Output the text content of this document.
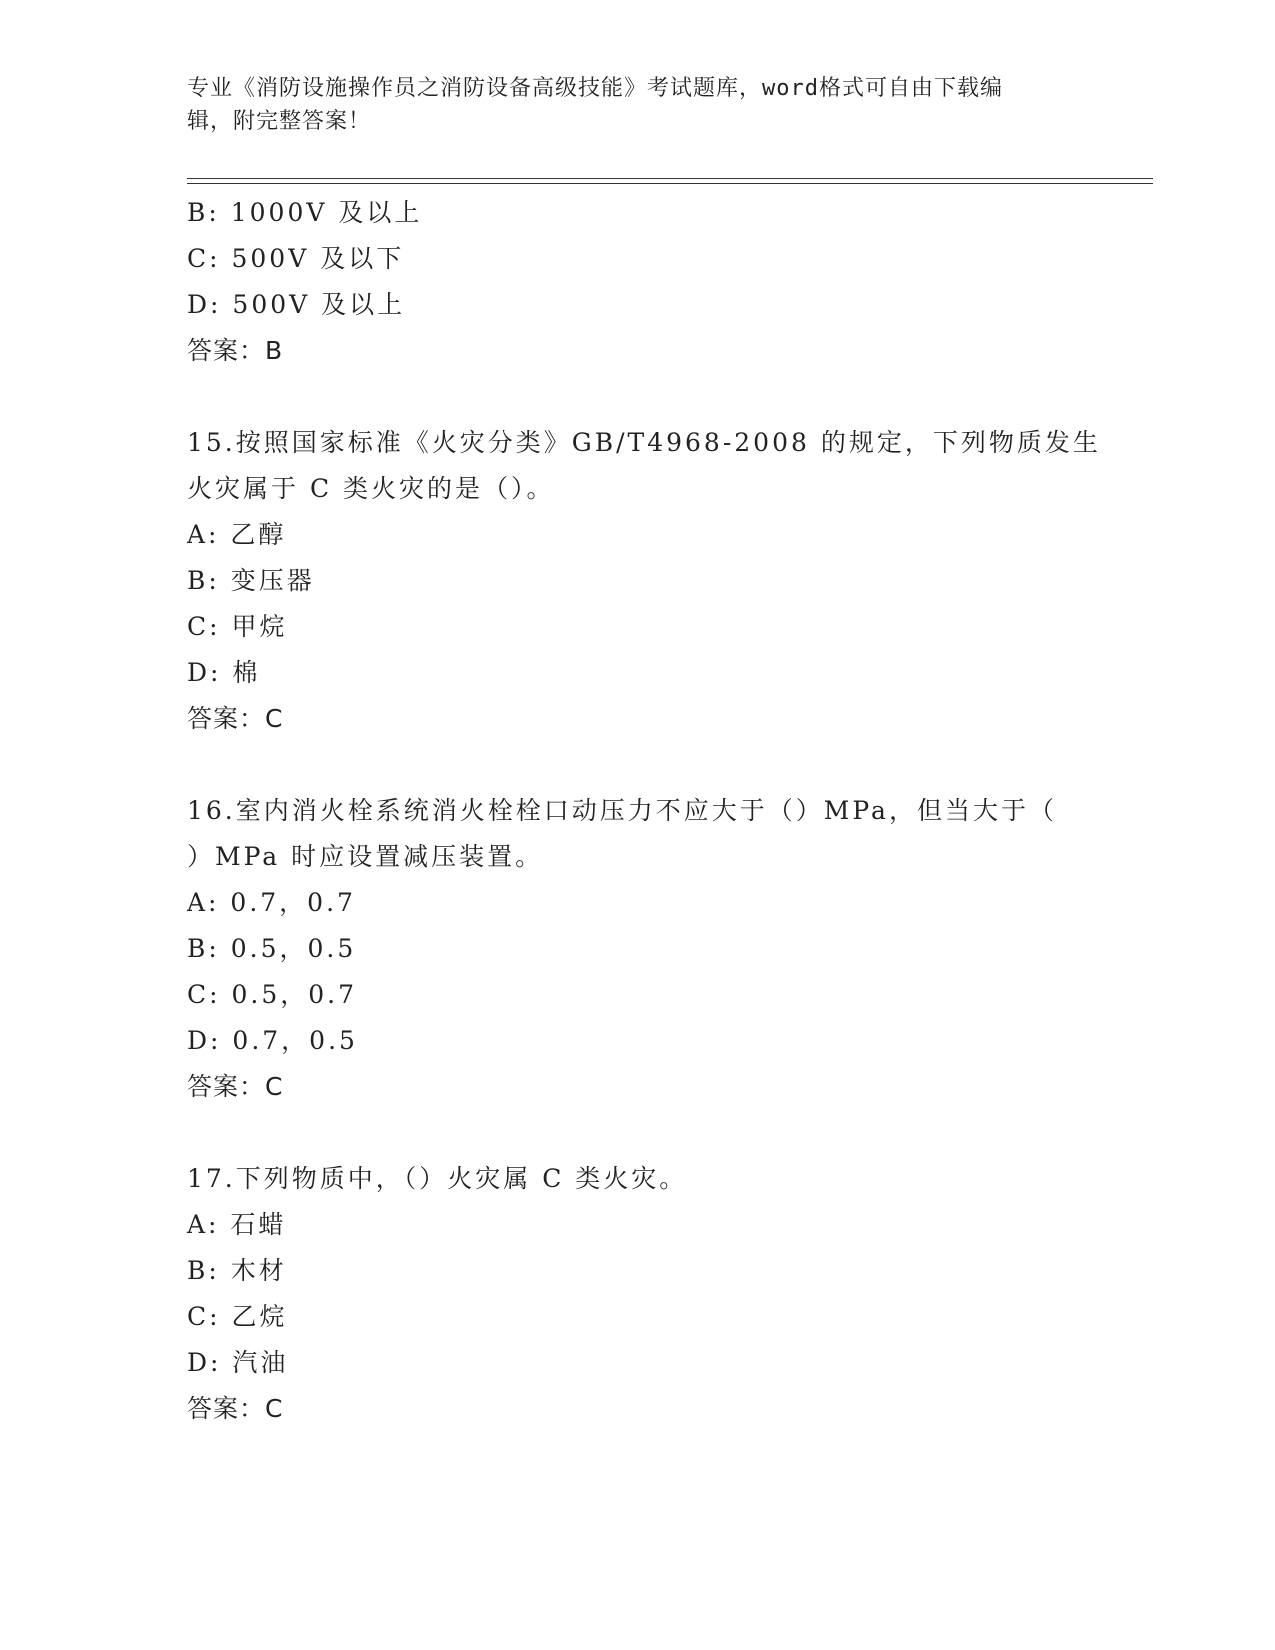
专业《消防设施操作员之消防设备高级技能》考试题库，word格式可自由下载编
辑，附完整答案！

B: 1000V 及以上

C: 500V 及以下

D: 500V 及以上

答案：B

15.按照国家标准《火灾分类》GB/T4968-2008 的规定，下列物质发生

火灾属于 C 类火灾的是（）。

A: 乙醇

B: 变压器

C: 甲烷

D: 棉

答案：C

16.室内消火栓系统消火栓栓口动压力不应大于（）MPa，但当大于（

）MPa 时应设置减压装置。

A: 0.7，0.7

B: 0.5，0.5

C: 0.5，0.7

D: 0.7，0.5

答案：C

17.下列物质中，（）火灾属 C 类火灾。

A: 石蜡

B: 木材

C: 乙烷

D: 汽油

答案：C
